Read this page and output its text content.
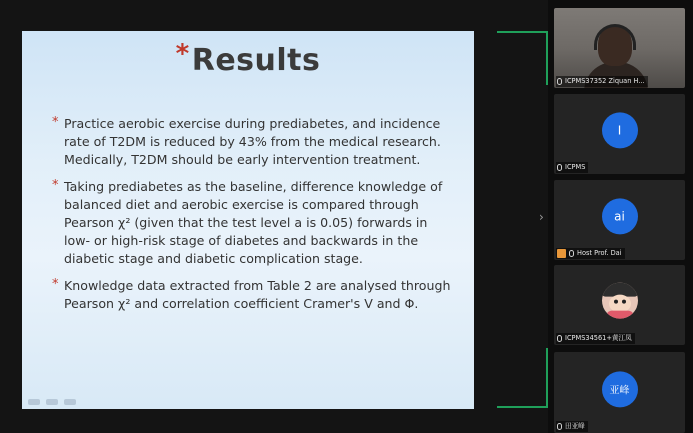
*Results
* Practice aerobic exercise during prediabetes, and incidence rate of T2DM is reduced by 43% from the medical research. Medically, T2DM should be early intervention treatment.
* Taking prediabetes as the baseline, difference knowledge of balanced diet and aerobic exercise is compared through Pearson χ² (given that the test level a is 0.05) forwards in low- or high-risk stage of diabetes and backwards in the diabetic stage and diabetic complication stage.
* Knowledge data extracted from Table 2 are analysed through Pearson χ² and correlation coefficient Cramer's V and Φ.
›
ICPMS37352 Ziquan H...
I
ICPMS
ai
Host Prof. Dai
ICPMS34561+黄江凤
亚峰
田亚峰
